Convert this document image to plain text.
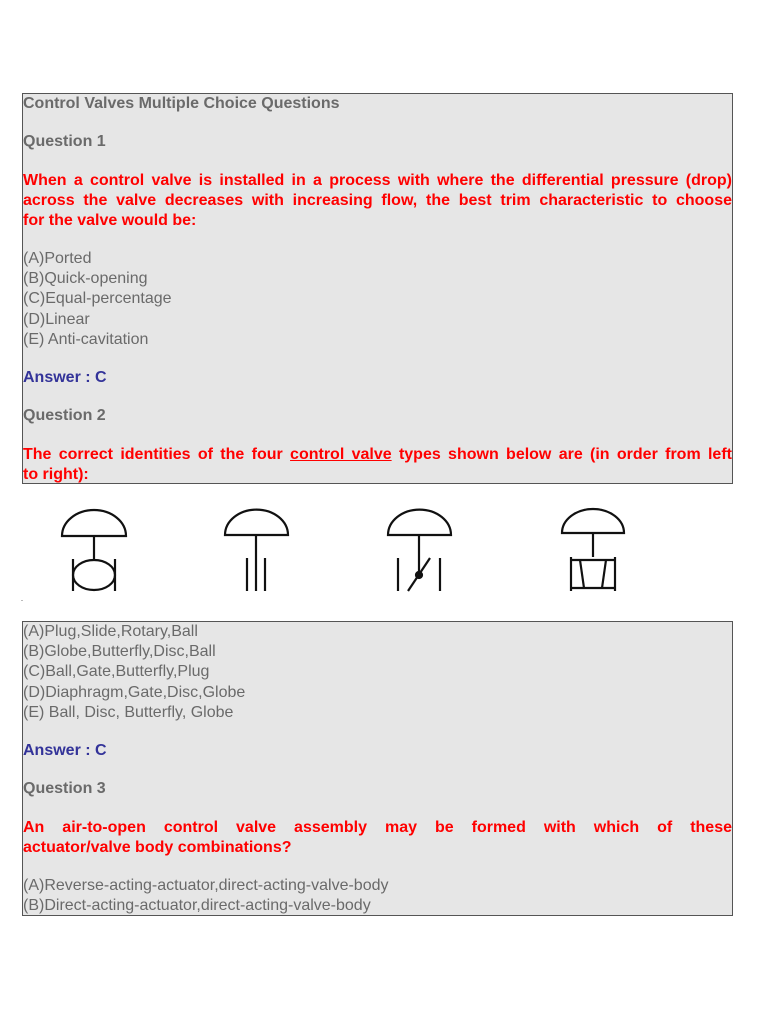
Control Valves Multiple Choice Questions
Question 1
When a control valve is installed in a process with where the differential pressure (drop)
across the valve decreases with increasing flow, the best trim characteristic to choose
for the valve would be:
(A)Ported
(B)Quick-opening
(C)Equal-percentage
(D)Linear
(E) Anti-cavitation
Answer : C
Question 2
The correct identities of the four control valve types shown below are (in order from left
to right):
(A)Plug,Slide,Rotary,Ball
(B)Globe,Butterfly,Disc,Ball
(C)Ball,Gate,Butterfly,Plug
(D)Diaphragm,Gate,Disc,Globe
(E) Ball, Disc, Butterfly, Globe
Answer : C
Question 3
An air-to-open control valve assembly may be formed with which of these
actuator/valve body combinations?
(A)Reverse-acting-actuator,direct-acting-valve-body
(B)Direct-acting-actuator,direct-acting-valve-body
